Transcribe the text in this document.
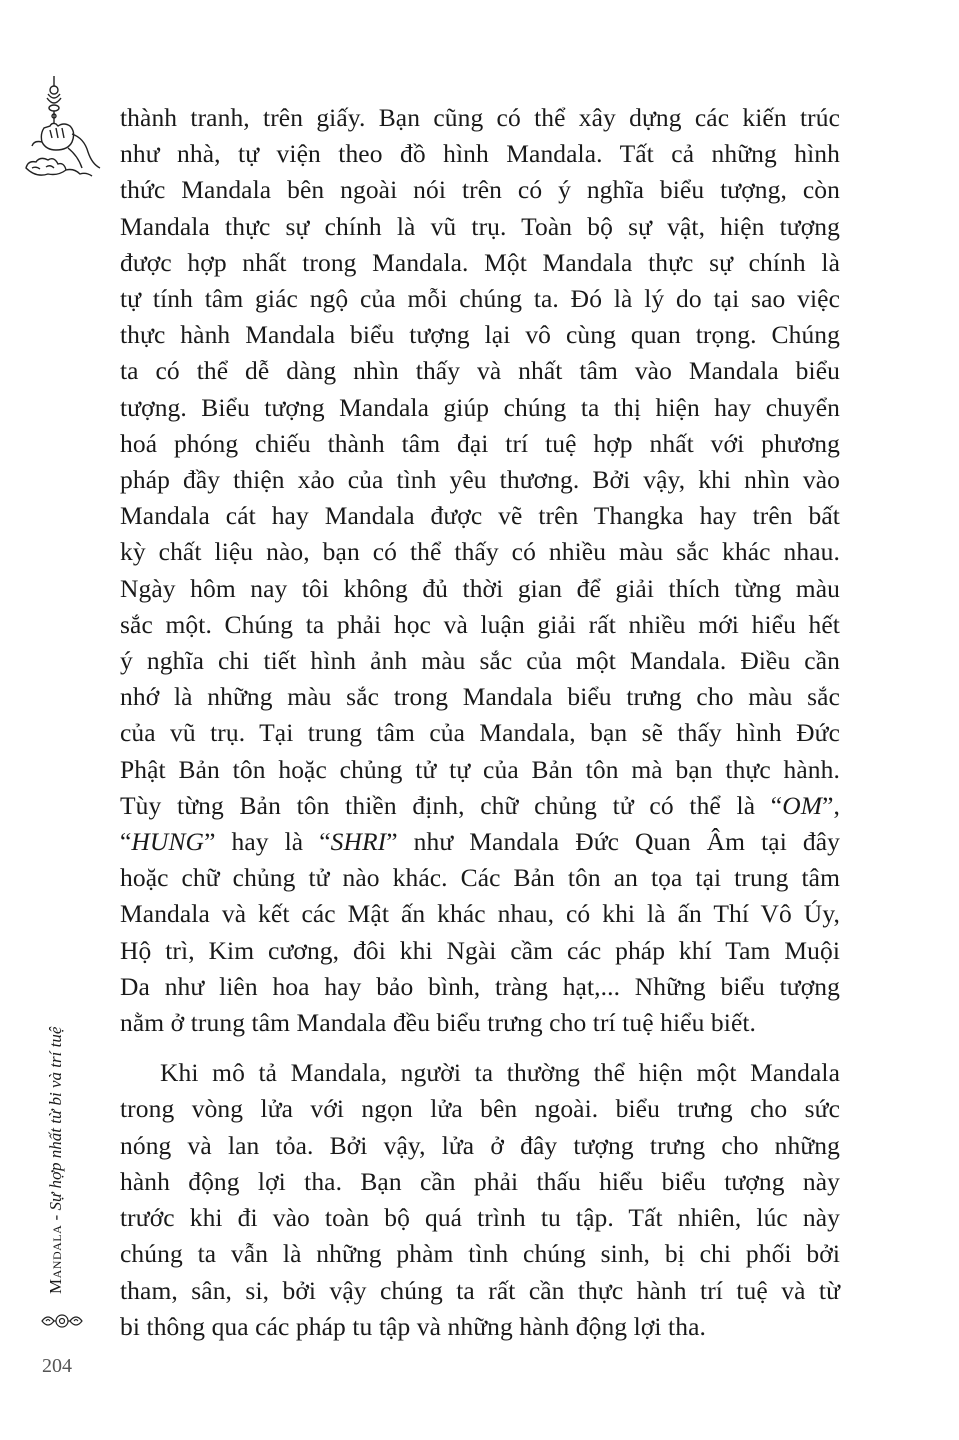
thành tranh, trên giấy. Bạn cũng có thể xây dựng các kiến trúc
như nhà, tự viện theo đồ hình Mandala. Tất cả những hình
thức Mandala bên ngoài nói trên có ý nghĩa biểu tượng, còn
Mandala thực sự chính là vũ trụ. Toàn bộ sự vật, hiện tượng
được hợp nhất trong Mandala. Một Mandala thực sự chính là
tự tính tâm giác ngộ của mỗi chúng ta. Đó là lý do tại sao việc
thực hành Mandala biểu tượng lại vô cùng quan trọng. Chúng
ta có thể dễ dàng nhìn thấy và nhất tâm vào Mandala biểu
tượng. Biểu tượng Mandala giúp chúng ta thị hiện hay chuyển
hoá phóng chiếu thành tâm đại trí tuệ hợp nhất với phương
pháp đầy thiện xảo của tình yêu thương. Bởi vậy, khi nhìn vào
Mandala cát hay Mandala được vẽ trên Thangka hay trên bất
kỳ chất liệu nào, bạn có thể thấy có nhiều màu sắc khác nhau.
Ngày hôm nay tôi không đủ thời gian để giải thích từng màu
sắc một. Chúng ta phải học và luận giải rất nhiều mới hiểu hết
ý nghĩa chi tiết hình ảnh màu sắc của một Mandala. Điều cần
nhớ là những màu sắc trong Mandala biểu trưng cho màu sắc
của vũ trụ. Tại trung tâm của Mandala, bạn sẽ thấy hình Đức
Phật Bản tôn hoặc chủng tử tự của Bản tôn mà bạn thực hành.
Tùy từng Bản tôn thiền định, chữ chủng tử có thể là “OM”,
“HUNG” hay là “SHRI” như Mandala Đức Quan Âm tại đây
hoặc chữ chủng tử nào khác. Các Bản tôn an tọa tại trung tâm
Mandala và kết các Mật ấn khác nhau, có khi là ấn Thí Vô Úy,
Hộ trì, Kim cương, đôi khi Ngài cầm các pháp khí Tam Muội
Da như liên hoa hay bảo bình, tràng hạt,... Những biểu tượng
nằm ở trung tâm Mandala đều biểu trưng cho trí tuệ hiểu biết.

Khi mô tả Mandala, người ta thường thể hiện một Mandala
trong vòng lửa với ngọn lửa bên ngoài. biểu trưng cho sức
nóng và lan tỏa. Bởi vậy, lửa ở đây tượng trưng cho những
hành động lợi tha. Bạn cần phải thấu hiểu biểu tượng này
trước khi đi vào toàn bộ quá trình tu tập. Tất nhiên, lúc này
chúng ta vẫn là những phàm tình chúng sinh, bị chi phối bởi
tham, sân, si, bởi vậy chúng ta rất cần thực hành trí tuệ và từ
bi thông qua các pháp tu tập và những hành động lợi tha.

Mandala - Sự hợp nhất từ bi và trí tuệ
204
